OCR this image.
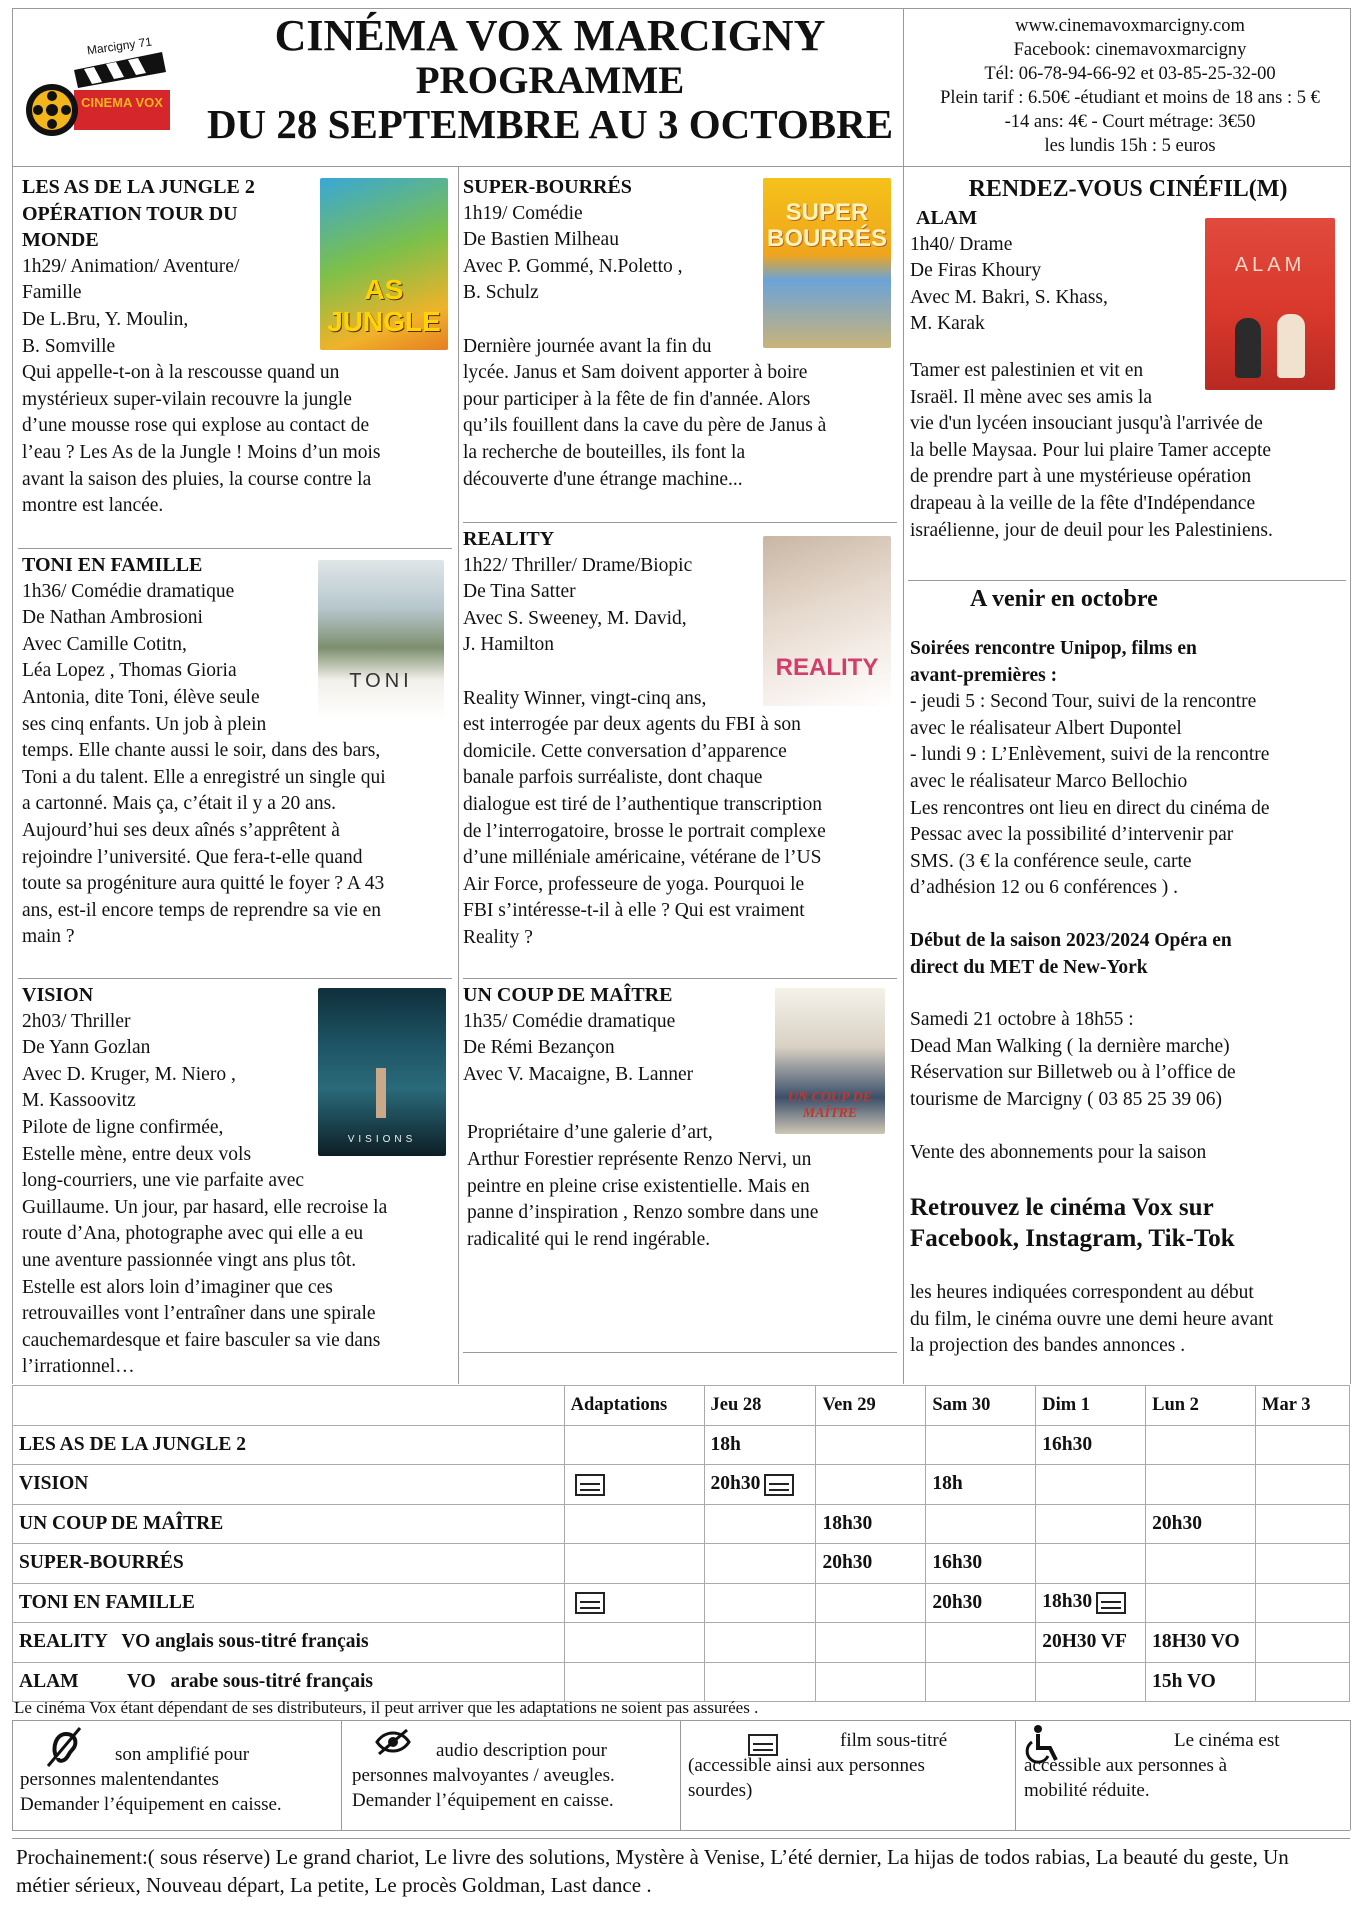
Marcigny 71
CINEMA VOX
CINÉMA VOX MARCIGNY
PROGRAMME
DU 28 SEPTEMBRE AU 3 OCTOBRE
www.cinemavoxmarcigny.com
Facebook: cinemavoxmarcigny
Tél: 06-78-94-66-92 et 03-85-25-32-00
Plein tarif : 6.50€ -étudiant et moins de 18 ans : 5 €
-14 ans: 4€ - Court métrage: 3€50
les lundis 15h : 5 euros
LES AS DE LA JUNGLE 2
OPÉRATION TOUR DU
MONDE
1h29/ Animation/ Aventure/
Famille
De L.Bru, Y. Moulin,
B. Somville
Qui appelle-t-on à la rescousse quand un
mystérieux super-vilain recouvre la jungle
d’une mousse rose qui explose au contact de
l’eau ? Les As de la Jungle ! Moins d’un mois
avant la saison des pluies, la course contre la
montre est lancée.
AS JUNGLE
TONI EN FAMILLE
1h36/ Comédie dramatique
De Nathan Ambrosioni
Avec Camille Cotitn,
Léa Lopez , Thomas Gioria
Antonia, dite Toni, élève seule
ses cinq enfants. Un job à plein
temps. Elle chante aussi le soir, dans des bars,
Toni a du talent. Elle a enregistré un single qui
a cartonné. Mais ça, c’était il y a 20 ans.
Aujourd’hui ses deux aînés s’apprêtent à
rejoindre l’université. Que fera-t-elle quand
toute sa progéniture aura quitté le foyer ? A 43
ans, est-il encore temps de reprendre sa vie en
main ?
TONI
VISION
2h03/ Thriller
De Yann Gozlan
Avec D. Kruger, M. Niero ,
M. Kassoovitz
Pilote de ligne confirmée,
Estelle mène, entre deux vols
long-courriers, une vie parfaite avec
Guillaume. Un jour, par hasard, elle recroise la
route d’Ana, photographe avec qui elle a eu
une aventure passionnée vingt ans plus tôt.
Estelle est alors loin d’imaginer que ces
retrouvailles vont l’entraîner dans une spirale
cauchemardesque et faire basculer sa vie dans
l’irrationnel…
VISIONS
SUPER-BOURRÉS
1h19/ Comédie
De Bastien Milheau
Avec P. Gommé, N.Poletto ,
B. Schulz
Dernière journée avant la fin du
lycée. Janus et Sam doivent apporter à boire
pour participer à la fête de fin d'année. Alors
qu’ils fouillent dans la cave du père de Janus à
la recherche de bouteilles, ils font la
découverte d'une étrange machine...
SUPER BOURRÉS
REALITY
1h22/ Thriller/ Drame/Biopic
De Tina Satter
Avec S. Sweeney, M. David,
J. Hamilton
Reality Winner, vingt-cinq ans,
est interrogée par deux agents du FBI à son
domicile. Cette conversation d’apparence
banale parfois surréaliste, dont chaque
dialogue est tiré de l’authentique transcription
de l’interrogatoire, brosse le portrait complexe
d’une milléniale américaine, vétérane de l’US
Air Force, professeure de yoga. Pourquoi le
FBI s’intéresse-t-il à elle ? Qui est vraiment
Reality ?
REALITY
UN COUP DE MAÎTRE
1h35/ Comédie dramatique
De Rémi Bezançon
Avec V. Macaigne, B. Lanner
Propriétaire d’une galerie d’art,
Arthur Forestier représente Renzo Nervi, un
peintre en pleine crise existentielle. Mais en
panne d’inspiration , Renzo sombre dans une
radicalité qui le rend ingérable.
UN COUP DE MAÎTRE
RENDEZ-VOUS CINÉFIL(M)
ALAM
1h40/ Drame
De Firas Khoury
Avec M. Bakri, S. Khass,
M. Karak
Tamer est palestinien et vit en
Israël. Il mène avec ses amis la
vie d'un lycéen insouciant jusqu'à l'arrivée de
la belle Maysaa. Pour lui plaire Tamer accepte
de prendre part à une mystérieuse opération
drapeau à la veille de la fête d'Indépendance
israélienne, jour de deuil pour les Palestiniens.
ALAM
A venir en octobre
Soirées rencontre Unipop, films en
avant-premières :
- jeudi 5 : Second Tour, suivi de la rencontre
avec le réalisateur Albert Dupontel
- lundi 9 : L’Enlèvement, suivi de la rencontre
avec le réalisateur Marco Bellochio
Les rencontres ont lieu en direct du cinéma de
Pessac avec la possibilité d’intervenir par
SMS. (3 € la conférence seule, carte
d’adhésion 12 ou 6 conférences ) .
Début de la saison 2023/2024 Opéra en
direct du MET de New-York
Samedi 21 octobre à 18h55 :
Dead Man Walking ( la dernière marche)
Réservation sur Billetweb ou à l’office de
tourisme de Marcigny ( 03 85 25 39 06)
Vente des abonnements pour la saison
Retrouvez le cinéma Vox sur
Facebook, Instagram, Tik-Tok
les heures indiquées correspondent au début
du film, le cinéma ouvre une demi heure avant
la projection des bandes annonces .
	Adaptations	Jeu 28	Ven 29	Sam 30	Dim 1	Lun 2	Mar 3
LES AS DE LA JUNGLE 2		18h			16h30		
VISION		20h30		18h			
UN COUP DE MAÎTRE			18h30			20h30	
SUPER-BOURRÉS			20h30	16h30			
TONI EN FAMILLE				20h30	18h30		
REALITY   VO anglais sous-titré français					20H30 VF	18H30 VO	
ALAM          VO   arabe sous-titré français						15h VO	
Le cinéma Vox étant dépendant de ses distributeurs, il peut arriver que les adaptations ne soient pas assurées .
son amplifié pour
personnes malentendantes
Demander l’équipement en caisse.
audio description pour
personnes malvoyantes / aveugles.
Demander l’équipement en caisse.
film sous-titré
(accessible ainsi aux personnes
sourdes)
Le cinéma est
accessible aux personnes à
mobilité réduite.
Prochainement:( sous réserve) Le grand chariot, Le livre des solutions, Mystère à Venise, L’été dernier, La hijas de todos rabias, La beauté du geste, Un métier sérieux, Nouveau départ, La petite, Le procès Goldman, Last dance .
